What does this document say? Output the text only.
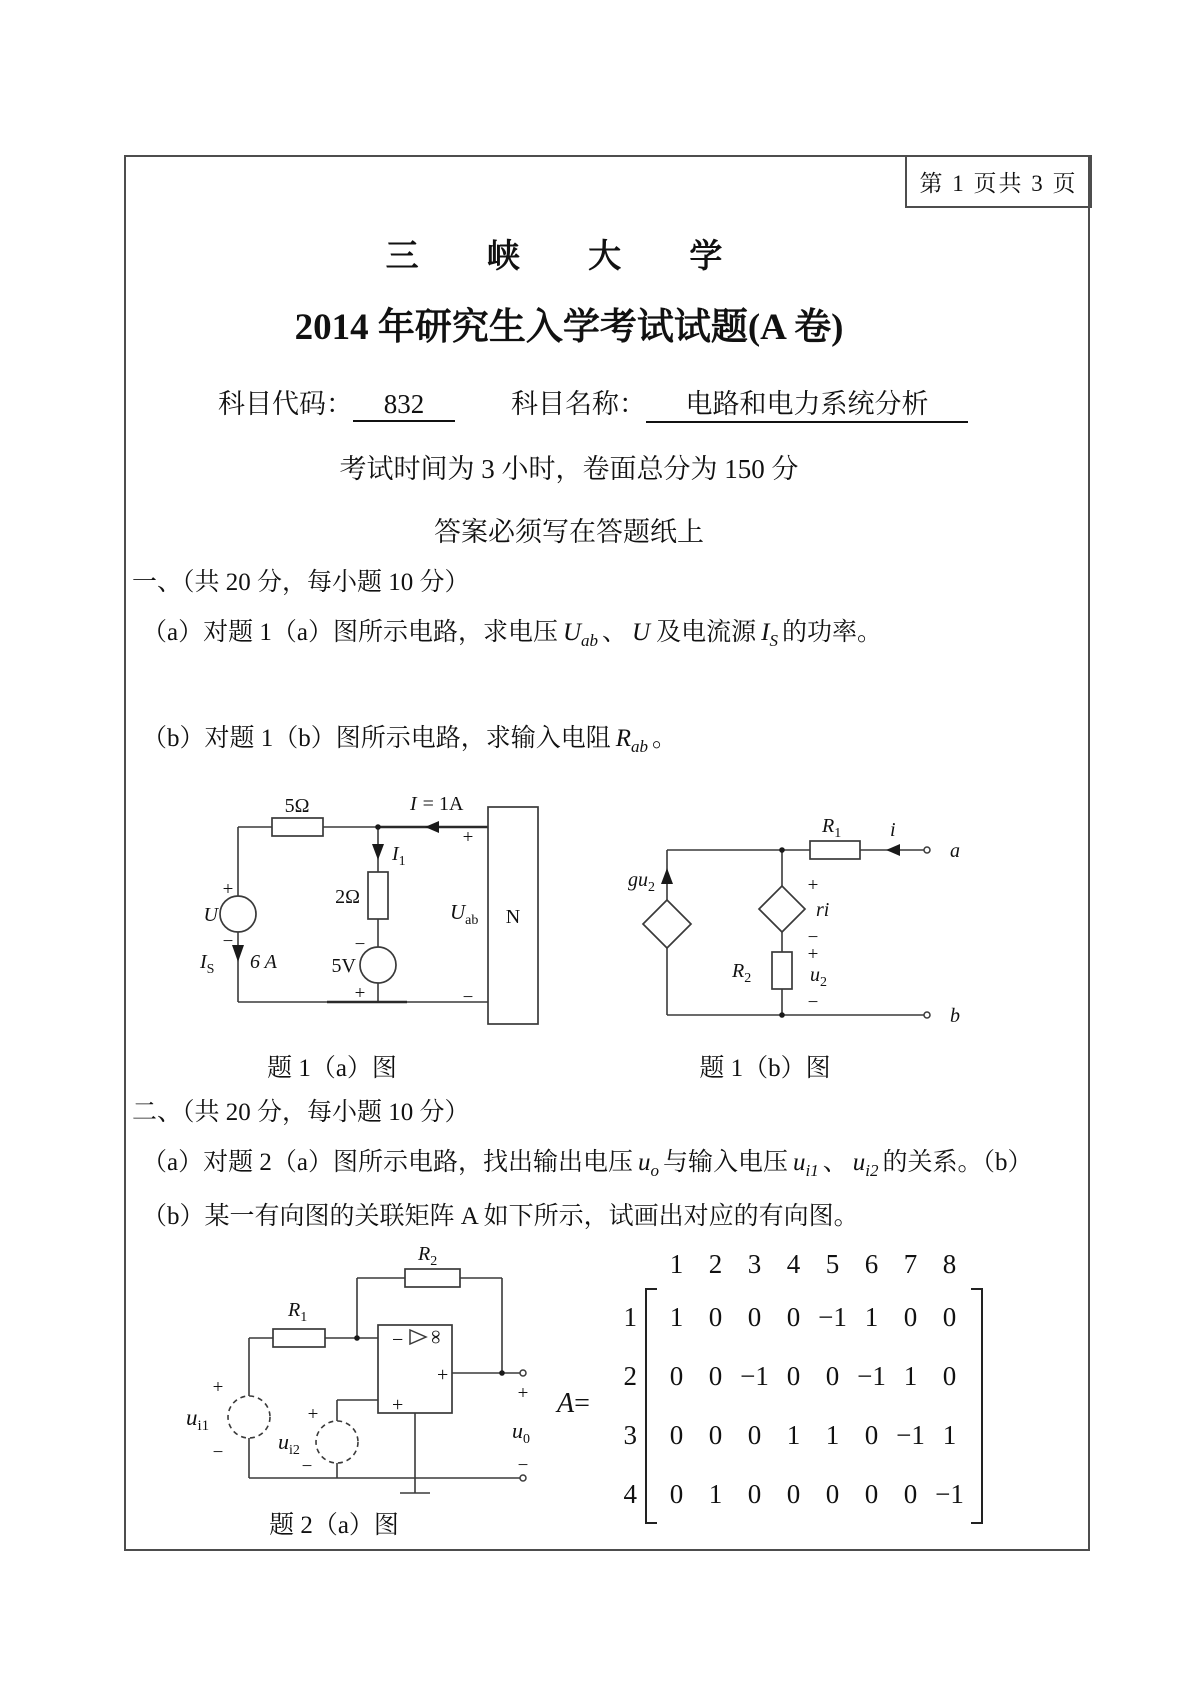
第 1 页共 3 页
三 峡 大 学
2014 年研究生入学考试试题(A 卷)
科目代码： 832	科目名称： 电路和电力系统分析
考试时间为 3 小时，卷面总分为 150 分
答案必须写在答题纸上
一、（共 20 分，每小题 10 分）
（a）对题 1（a）图所示电路，求电压 $U_{ab}$ 、 U 及电流源 $I_S$ 的功率。
（b）对题 1（b）图所示电路，求输入电阻 $R_{ab}$ 。
5Ω	I = 1A
$I_1$
+
$U_{ab}$ N
−
2Ω
−
5V
+
+
U
−
$I_S$ 6 A
$gu_2$
$R_1$ i
a
b
+
ri
−
+
$u_2$
−
$R_2$
题 1（a）图	题 1（b）图
二、（共 20 分，每小题 10 分）
（a）对题 2（a）图所示电路，找出输出电压 $u_o$ 与输入电压 $u_{i1}$ 、 $u_{i2}$ 的关系。（b）
（b）某一有向图的关联矩阵 A 如下所示，试画出对应的有向图。
$R_2$
$R_1$
−
+
∞
+
+
$u_0$
−
+
$u_{i1}$
−
+
$u_{i2}$
−
题 2（a）图
A=
1 2 3 4 5 6 7 8
1	1 0 0 0 −1 1 0 0
2	0 0 −1 0 0 −1 1 0
3	0 0 0 1 1 0 −1 1
4	0 1 0 0 0 0 0 −1
